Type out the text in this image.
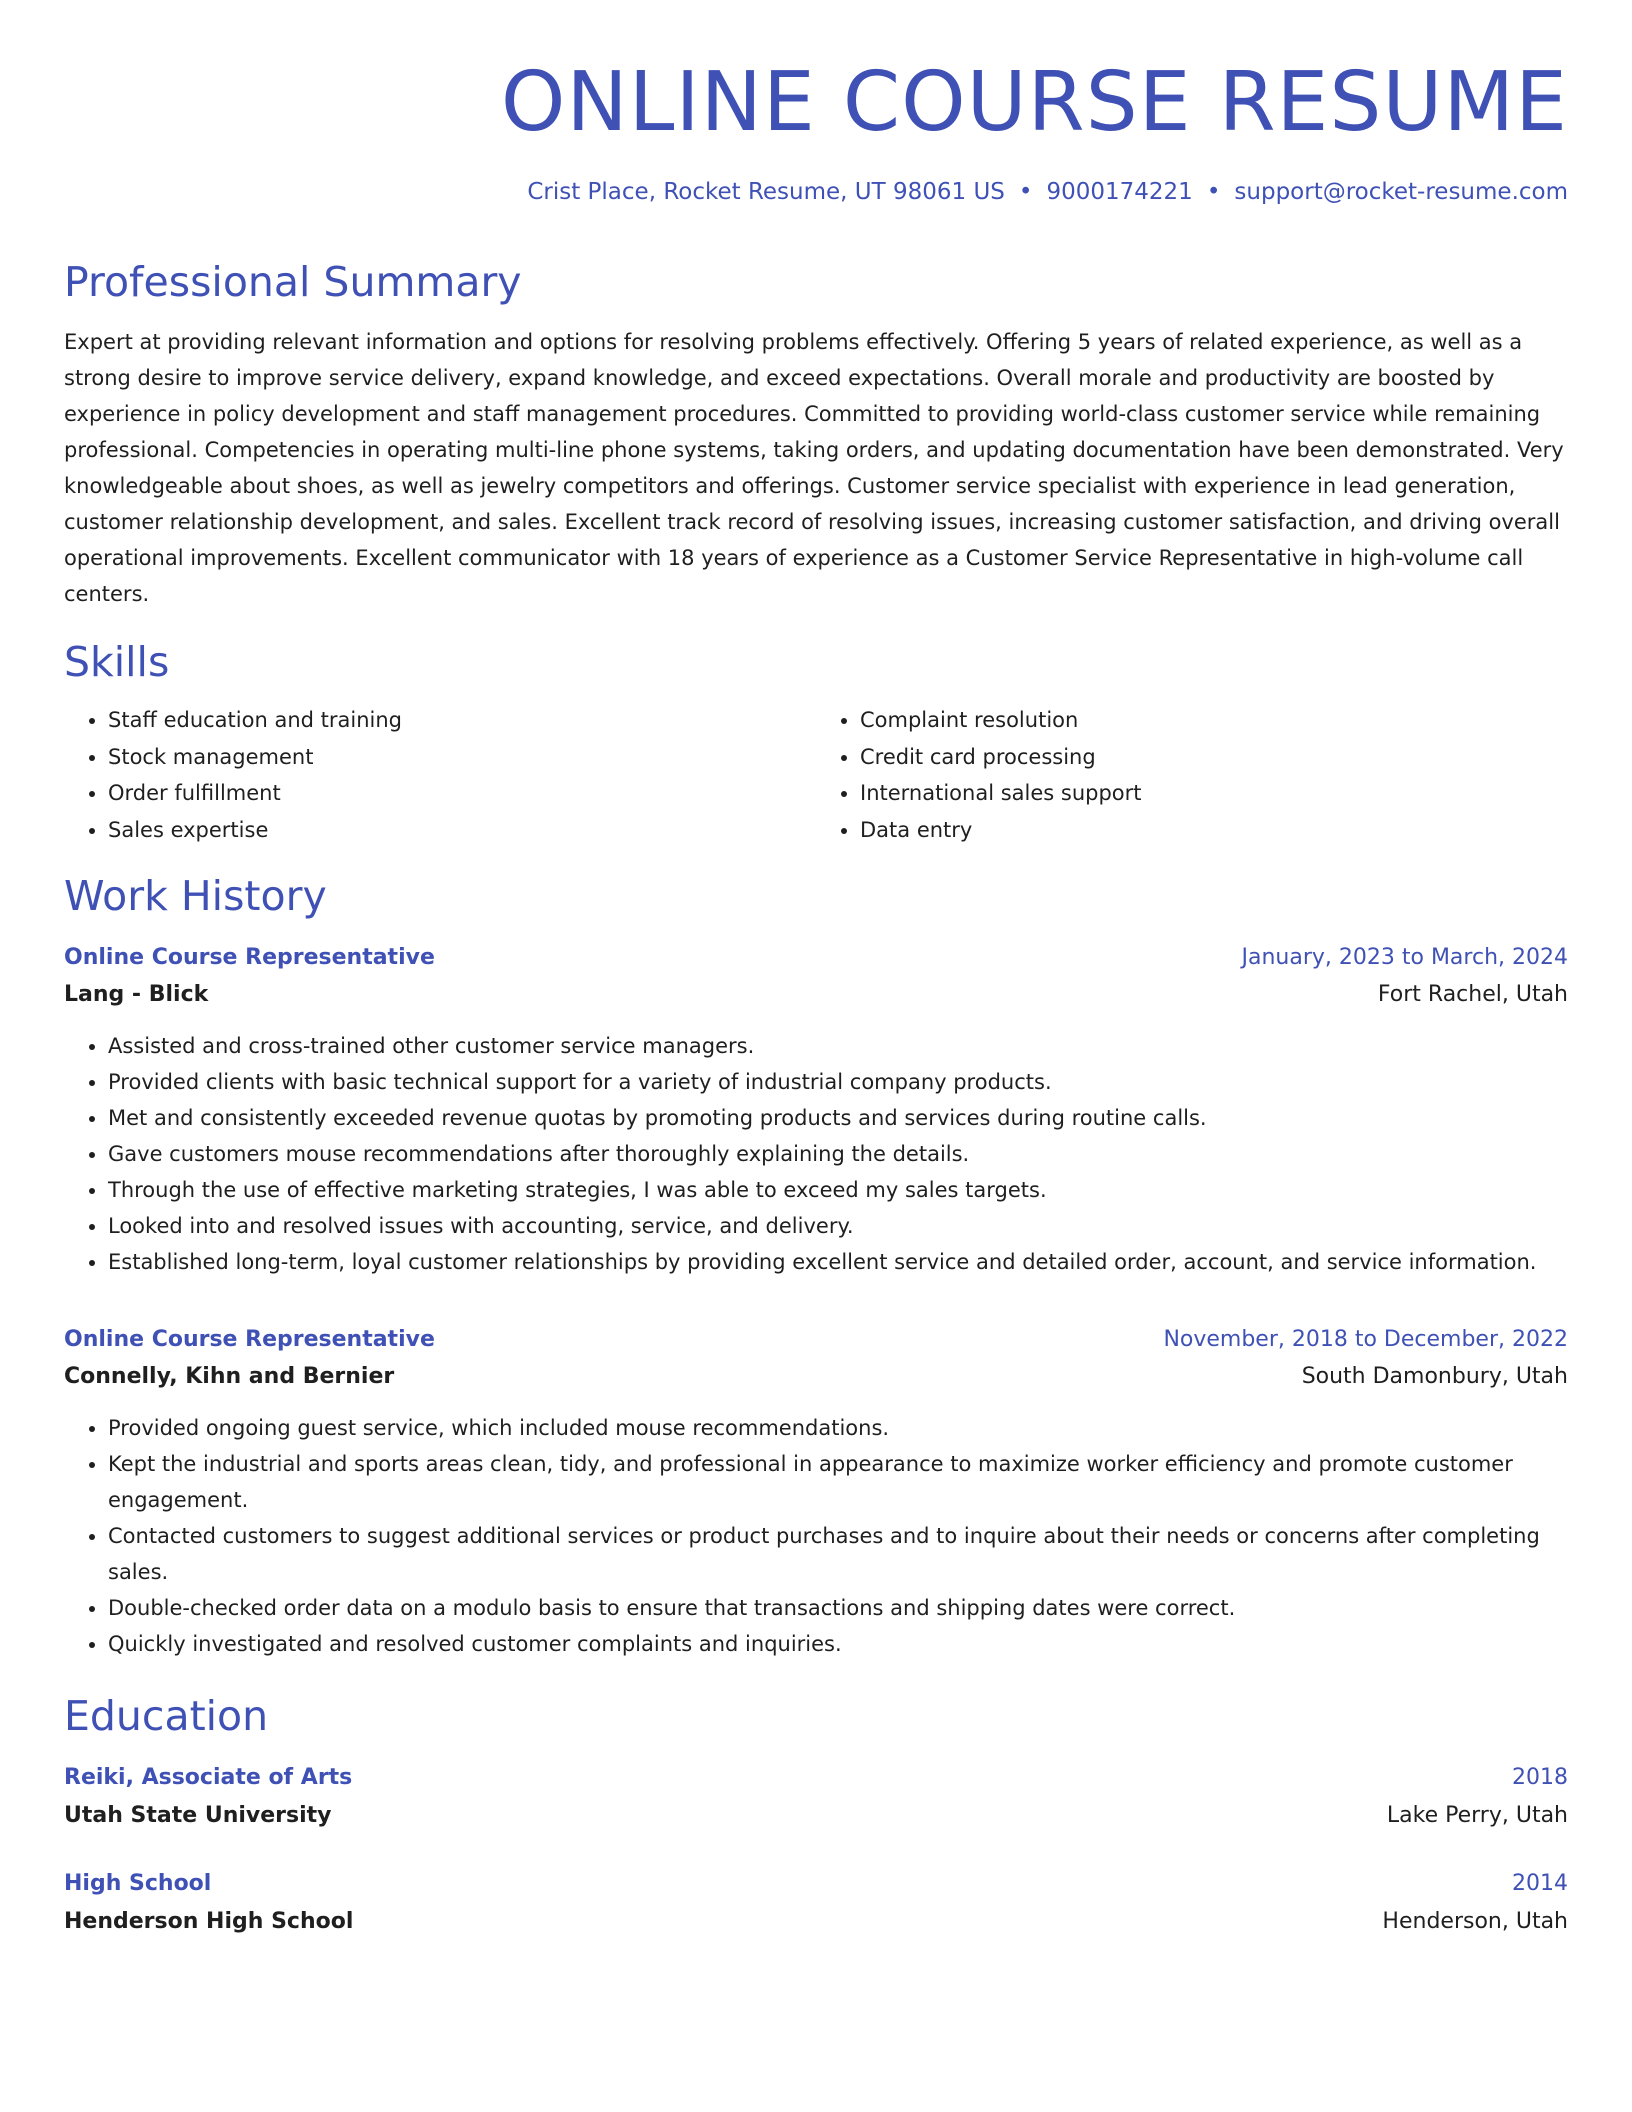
ONLINE COURSE RESUME
Crist Place, Rocket Resume, UT 98061 US • 9000174221 • support@rocket-resume.com
Professional Summary

Expert at providing relevant information and options for resolving problems effectively. Offering 5 years of related experience, as well as a strong desire to improve service delivery, expand knowledge, and exceed expectations. Overall morale and productivity are boosted by experience in policy development and staff management procedures. Committed to providing world-class customer service while remaining professional. Competencies in operating multi-line phone systems, taking orders, and updating documentation have been demonstrated. Very knowledgeable about shoes, as well as jewelry competitors and offerings. Customer service specialist with experience in lead generation, customer relationship development, and sales. Excellent track record of resolving issues, increasing customer satisfaction, and driving overall operational improvements. Excellent communicator with 18 years of experience as a Customer Service Representative in high-volume call centers.

Skills
• Staff education and training
• Stock management
• Order fulfillment
• Sales expertise
• Complaint resolution
• Credit card processing
• International sales support
• Data entry
Work History
Online Course Representative	January, 2023 to March, 2024
Lang - Blick	Fort Rachel, Utah
• Assisted and cross-trained other customer service managers.
• Provided clients with basic technical support for a variety of industrial company products.
• Met and consistently exceeded revenue quotas by promoting products and services during routine calls.
• Gave customers mouse recommendations after thoroughly explaining the details.
• Through the use of effective marketing strategies, I was able to exceed my sales targets.
• Looked into and resolved issues with accounting, service, and delivery.
• Established long-term, loyal customer relationships by providing excellent service and detailed order, account, and service information.
Online Course Representative	November, 2018 to December, 2022
Connelly, Kihn and Bernier	South Damonbury, Utah
• Provided ongoing guest service, which included mouse recommendations.
• Kept the industrial and sports areas clean, tidy, and professional in appearance to maximize worker efficiency and promote customer engagement.
• Contacted customers to suggest additional services or product purchases and to inquire about their needs or concerns after completing sales.
• Double-checked order data on a modulo basis to ensure that transactions and shipping dates were correct.
• Quickly investigated and resolved customer complaints and inquiries.
Education
Reiki, Associate of Arts	2018
Utah State University	Lake Perry, Utah
High School	2014
Henderson High School	Henderson, Utah
